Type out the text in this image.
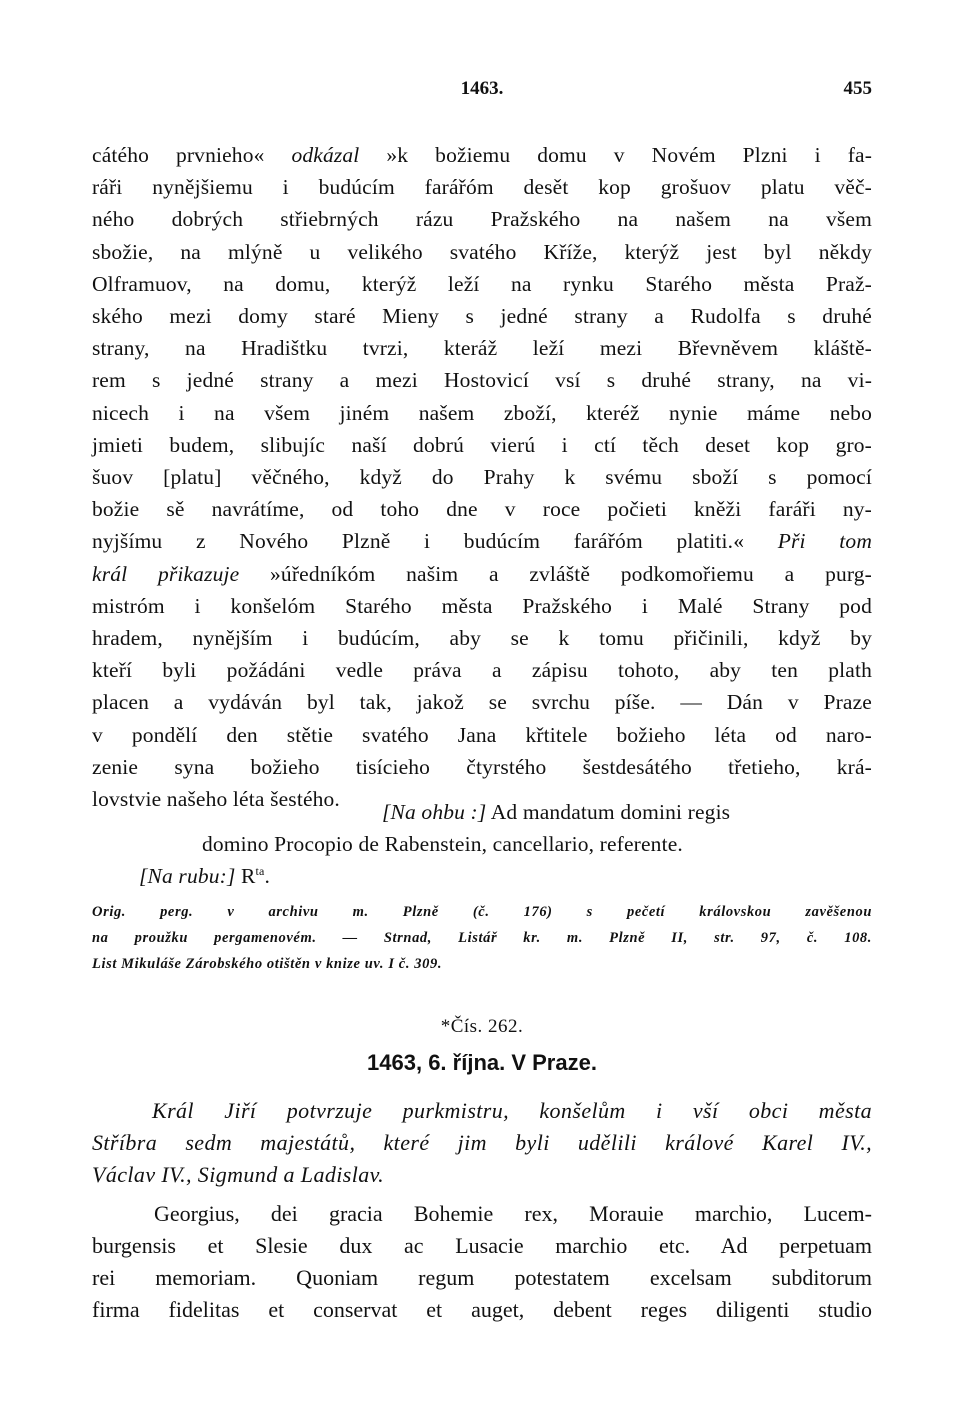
1463.	455
cátého prvnieho« odkázal »k božiemu domu v Novém Plzni i fa-
ráři nynějšiemu i budúcím farářóm desět kop grošuov platu věč-
ného dobrých střiebrných rázu Pražského na našem na všem
sbožie, na mlýně u velikého svatého Kříže, kterýž jest byl někdy
Olframuov, na domu, kterýž leží na rynku Starého města Praž-
ského mezi domy staré Mieny s jedné strany a Rudolfa s druhé
strany, na Hradištku tvrzi, kteráž leží mezi Břevněvem kláště-
rem s jedné strany a mezi Hostovicí vsí s druhé strany, na vi-
nicech i na všem jiném našem zboží, kteréž nynie máme nebo
jmieti budem, slibujíc naší dobrú vierú i ctí těch deset kop gro-
šuov [platu] věčného, když do Prahy k svému sboží s pomocí
božie sě navrátíme, od toho dne v roce počieti kněži faráři ny-
nyjšímu z Nového Plzně i budúcím farářóm platiti.« Při tom
král přikazuje »úředníkóm našim a zvláště podkomořiemu a purg-
mistróm i konšelóm Starého města Pražského i Malé Strany pod
hradem, nynějším i budúcím, aby se k tomu přičinili, když by
kteří byli požádáni vedle práva a zápisu tohoto, aby ten plath
placen a vydáván byl tak, jakož se svrchu píše. — Dán v Praze
v pondělí den stětie svatého Jana křtitele božieho léta od naro-
zenie syna božieho tisícieho čtyrstého šestdesátého třetieho, krá-
lovstvie našeho léta šestého.
[Na ohbu :] Ad mandatum domini regis
domino Procopio de Rabenstein, cancellario, referente.
[Na rubu:] $R^{ta}$.
Orig. perg. v archivu m. Plzně (č. 176) s pečetí královskou zavěšenou
na proužku pergamenovém. — Strnad, Listář kr. m. Plzně II, str. 97, č. 108.
List Mikuláše Zárobského otištěn v knize uv. I č. 309.
*Čís. 262.
1463, 6. října. V Praze.
Král Jiří potvrzuje purkmistru, konšelům i vší obci města
Stříbra sedm majestátů, které jim byli udělili králové Karel IV.,
Václav IV., Sigmund a Ladislav.
Georgius, dei gracia Bohemie rex, Morauie marchio, Lucem-
burgensis et Slesie dux ac Lusacie marchio etc. Ad perpetuam
rei memoriam. Quoniam regum potestatem excelsam subditorum
firma fidelitas et conservat et auget, debent reges diligenti studio
